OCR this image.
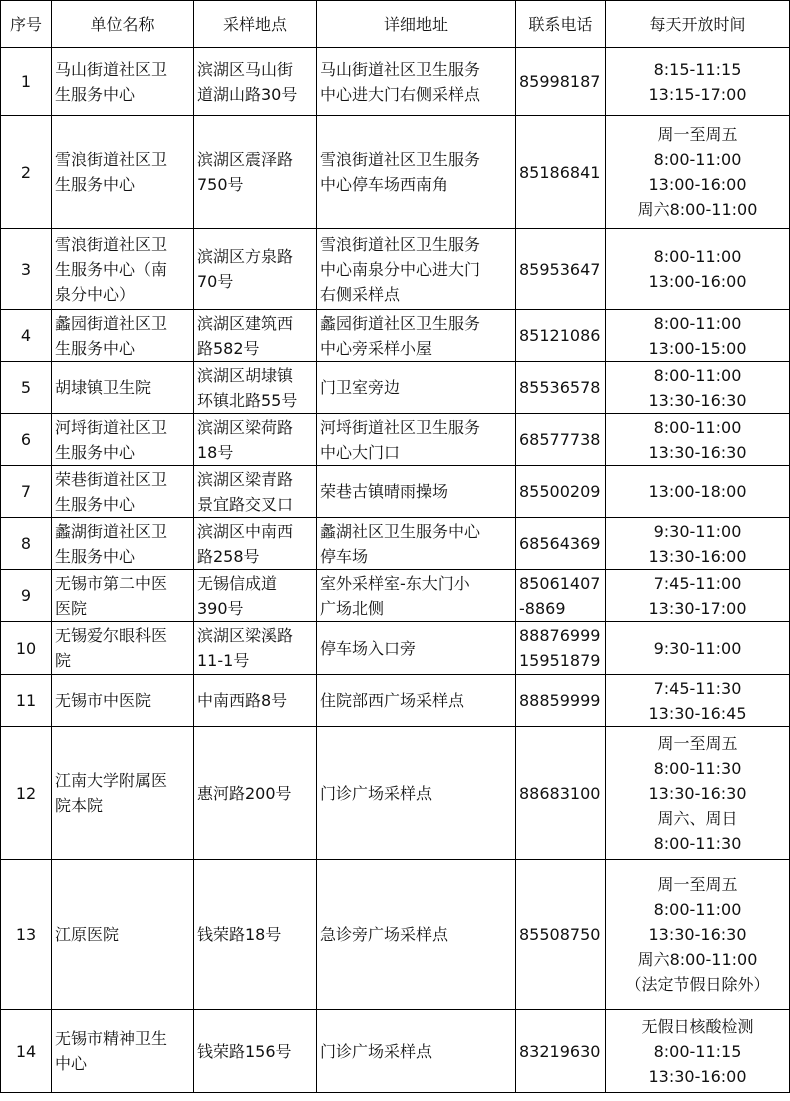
序号	单位名称	采样地点	详细地址	联系电话	每天开放时间
1	马山街道社区卫
生服务中心	滨湖区马山街
道湖山路30号	马山街道社区卫生服务
中心进大门右侧采样点	85998187	8:15-11:15
13:15-17:00

2	雪浪街道社区卫
生服务中心	滨湖区震泽路
750号	雪浪街道社区卫生服务
中心停车场西南角	85186841	周一至周五
8:00-11:00
13:00-16:00
周六8:00-11:00

3	雪浪街道社区卫
生服务中心（南
泉分中心）	滨湖区方泉路
70号	雪浪街道社区卫生服务
中心南泉分中心进大门
右侧采样点	85953647	8:00-11:00
13:00-16:00

4	蠡园街道社区卫
生服务中心	滨湖区建筑西
路582号	蠡园街道社区卫生服务
中心旁采样小屋	85121086	8:00-11:00
13:00-15:00

5	胡埭镇卫生院	滨湖区胡埭镇
环镇北路55号	门卫室旁边	85536578	8:00-11:00
13:30-16:30

6	河埒街道社区卫
生服务中心	滨湖区梁荷路
18号	河埒街道社区卫生服务
中心大门口	68577738	8:00-11:00
13:30-16:30

7	荣巷街道社区卫
生服务中心	滨湖区梁青路
景宜路交叉口	荣巷古镇晴雨操场	85500209	13:00-18:00

8	蠡湖街道社区卫
生服务中心	滨湖区中南西
路258号	蠡湖社区卫生服务中心
停车场	68564369	9:30-11:00
13:30-16:00

9	无锡市第二中医
医院	无锡信成道
390号	室外采样室-东大门小
广场北侧	85061407
-8869	7:45-11:00
13:30-17:00

10	无锡爱尔眼科医
院	滨湖区梁溪路
11-1号	停车场入口旁	88876999
15951879	9:30-11:00

11	无锡市中医院	中南西路8号	住院部西广场采样点	88859999	7:45-11:30
13:30-16:45

12	江南大学附属医
院本院	惠河路200号	门诊广场采样点	88683100	周一至周五
8:00-11:30
13:30-16:30
周六、周日
8:00-11:30

13	江原医院	钱荣路18号	急诊旁广场采样点	85508750	周一至周五
8:00-11:00
13:30-16:30
周六8:00-11:00
（法定节假日除外）

14	无锡市精神卫生
中心	钱荣路156号	门诊广场采样点	83219630	无假日核酸检测
8:00-11:15
13:30-16:00
